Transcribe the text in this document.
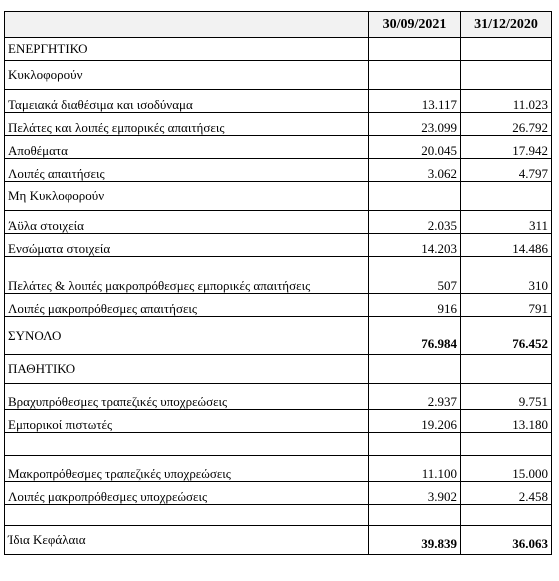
	30/09/2021	31/12/2020
ΕΝΕΡΓΗΤΙΚΟ		
Κυκλοφορούν		
Ταμειακά διαθέσιμα και ισοδύναμα	13.117	11.023
Πελάτες και λοιπές εμπορικές απαιτήσεις	23.099	26.792
Αποθέματα	20.045	17.942
Λοιπές απαιτήσεις	3.062	4.797
Μη Κυκλοφορούν		
Άϋλα στοιχεία	2.035	311
Ενσώματα στοιχεία	14.203	14.486
Πελάτες & λοιπές μακροπρόθεσμες εμπορικές απαιτήσεις	507	310
Λοιπές μακροπρόθεσμες απαιτήσεις	916	791
ΣΥΝΟΛΟ	76.984	76.452
ΠΑΘΗΤΙΚΟ		
Βραχυπρόθεσμες τραπεζικές υποχρεώσεις	2.937	9.751
Εμπορικοί πιστωτές	19.206	13.180

Μακροπρόθεσμες τραπεζικές υποχρεώσεις	11.100	15.000
Λοιπές μακροπρόθεσμες υποχρεώσεις	3.902	2.458

Ίδια Κεφάλαια	39.839	36.063
